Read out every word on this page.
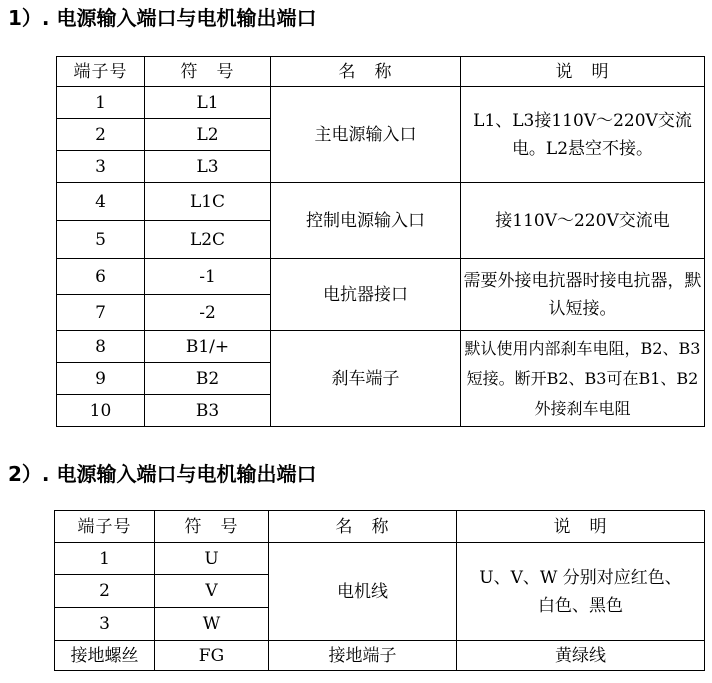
1）. 电源输入端口与电机输出端口
端子号	符　号	名　称	说　明
1	L1	主电源输入口	L1、L3接110V～220V交流电。L2悬空不接。
2	L2		
3	L3		
4	L1C	控制电源输入口	接110V～220V交流电
5	L2C		
6	-1	电抗器接口	需要外接电抗器时接电抗器，默认短接。
7	-2		
8	B1/+	刹车端子	默认使用内部刹车电阻，B2、B3短接。断开B2、B3可在B1、B2外接刹车电阻
9	B2		
10	B3		
2）. 电源输入端口与电机输出端口
端子号	符　号	名　称	说　明
1	U	电机线	U、V、W 分别对应红色、白色、黑色
2	V		
3	W		
接地螺丝	FG	接地端子	黄绿线
